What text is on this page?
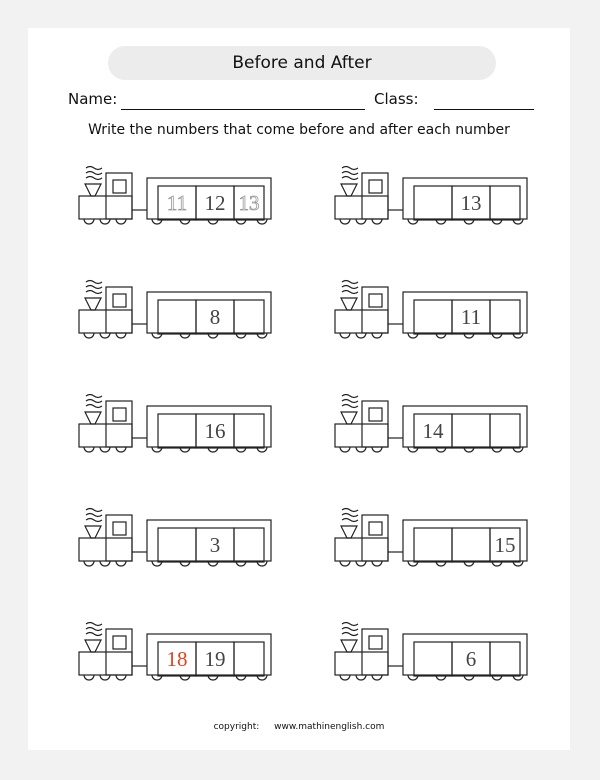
Before and After
Name:	Class:
Write the numbers that come before and after each number
11 12 13	13
8	11
16	14
3	15
18 19	6
copyright: www.mathinenglish.com
